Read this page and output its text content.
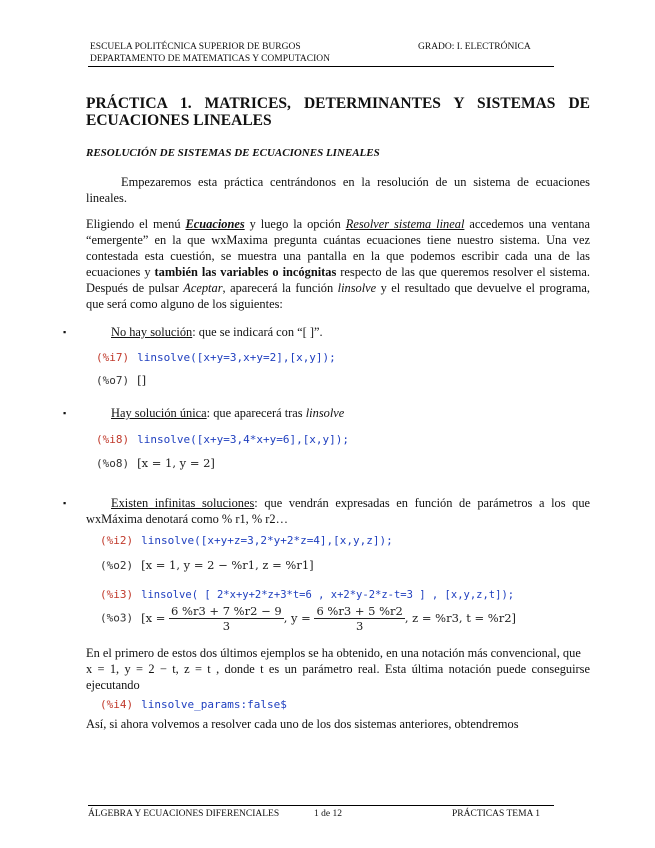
ESCUELA POLITÉCNICA SUPERIOR DE BURGOS
DEPARTAMENTO DE MATEMATICAS Y COMPUTACION
GRADO: I. ELECTRÓNICA
PRÁCTICA 1. MATRICES, DETERMINANTES Y SISTEMAS DE
ECUACIONES LINEALES
RESOLUCIÓN DE SISTEMAS DE ECUACIONES LINEALES
Empezaremos esta práctica centrándonos en la resolución de un sistema de ecuaciones lineales.
Eligiendo el menú Ecuaciones y luego la opción Resolver sistema lineal accedemos una ventana “emergente” en la que wxMaxima pregunta cuántas ecuaciones tiene nuestro sistema. Una vez contestada esta cuestión, se muestra una pantalla en la que podemos escribir cada una de las ecuaciones y también las variables o incógnitas respecto de las que queremos resolver el sistema. Después de pulsar Aceptar, aparecerá la función linsolve y el resultado que devuelve el programa, que será como alguno de los siguientes:
▪	No hay solución: que se indicará con “[ ]”.
(%i7) linsolve([x+y=3,x+y=2],[x,y]);
(%o7) []
▪	Hay solución única: que aparecerá tras linsolve
(%i8) linsolve([x+y=3,4*x+y=6],[x,y]);
(%o8) [x = 1, y = 2]
▪	Existen infinitas soluciones: que vendrán expresadas en función de parámetros a los que wxMáxima denotará como % r1, % r2…
(%i2) linsolve([x+y+z=3,2*y+2*z=4],[x,y,z]);
(%o2) [x = 1, y = 2 − %r1, z = %r1]
(%i3) linsolve( [ 2*x+y+2*z+3*t=6 , x+2*y-2*z-t=3 ] , [x,y,z,t]);
(%o3) [$x = \frac{6 \%r3 + 7 \%r2 - 9}{3}$ , $y = \frac{6 \%r3 + 5 \%r2}{3}$ , z = %r3, t = %r2]
En el primero de estos dos últimos ejemplos se ha obtenido, en una notación más convencional, que
x = 1, y = 2 − t, z = t , donde t es un parámetro real. Esta última notación puede conseguirse ejecutando
(%i4) linsolve_params:false$
Así, si ahora volvemos a resolver cada uno de los dos sistemas anteriores, obtendremos
ÁLGEBRA Y ECUACIONES DIFERENCIALES	1 de 12	PRÁCTICAS TEMA 1
